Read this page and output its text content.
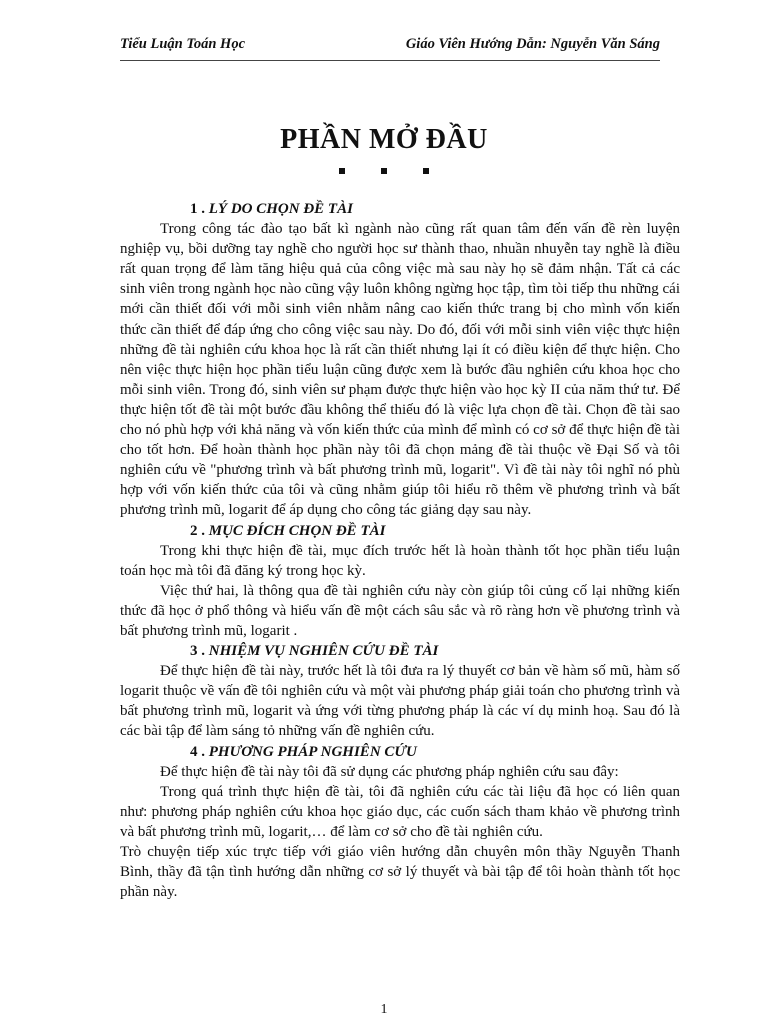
Tiểu Luận Toán Học	Giáo Viên Hướng Dẫn: Nguyễn Văn Sáng
PHẦN MỞ ĐẦU

1 . LÝ DO CHỌN ĐỀ TÀI

Trong công tác đào tạo bất kì ngành nào cũng rất quan tâm đến vấn đề rèn luyện nghiệp vụ, bồi dưỡng tay nghề cho người học sư thành thao, nhuần nhuyễn tay nghề là điều rất quan trọng để làm tăng hiệu quả của công việc mà sau này họ sẽ đảm nhận. Tất cả các sinh viên trong ngành học nào cũng vậy luôn không ngừng học tập, tìm tòi tiếp thu những cái mới cần thiết đối với mỗi sinh viên nhằm nâng cao kiến thức trang bị cho mình vốn kiến thức cần thiết để đáp ứng cho công việc sau này. Do đó, đối với mỗi sinh viên việc thực hiện những đề tài nghiên cứu khoa học là rất cần thiết nhưng lại ít có điều kiện để thực hiện. Cho nên việc thực hiện học phần tiểu luận cũng được xem là bước đầu nghiên cứu khoa học cho mỗi sinh viên. Trong đó, sinh viên sư phạm được thực hiện vào học kỳ II của năm thứ tư. Để thực hiện tốt đề tài một bước đầu không thể thiếu đó là việc lựa chọn đề tài. Chọn đề tài sao cho nó phù hợp với khả năng và vốn kiến thức của mình để mình có cơ sở để thực hiện đề tài cho tốt hơn. Để hoàn thành học phần này tôi đã chọn mảng đề tài thuộc về Đại Số và tôi nghiên cứu về "phương trình và bất phương trình mũ, logarit". Vì đề tài này tôi nghĩ nó phù hợp với vốn kiến thức của tôi và cũng nhằm giúp tôi hiểu rõ thêm về phương trình và bất phương trình mũ, logarit để áp dụng cho công tác giảng dạy sau này.

2 . MỤC ĐÍCH CHỌN ĐỀ TÀI

Trong khi thực hiện đề tài, mục đích trước hết là hoàn thành tốt học phần tiểu luận toán học mà tôi đã đăng ký trong học kỳ.

Việc thứ hai, là thông qua đề tài nghiên cứu này còn giúp tôi củng cố lại những kiến thức đã học ở phổ thông và hiểu vấn đề một cách sâu sắc và rõ ràng hơn về phương trình và bất phương trình mũ, logarit .

3 . NHIỆM VỤ NGHIÊN CỨU ĐỀ TÀI

Để thực hiện đề tài này, trước hết là tôi đưa ra lý thuyết cơ bản về hàm số mũ, hàm số logarit thuộc về vấn đề tôi nghiên cứu và một vài phương pháp giải toán cho phương trình và bất phương trình mũ, logarit và ứng với từng phương pháp là các ví dụ minh hoạ. Sau đó là các bài tập để làm sáng tỏ những vấn đề nghiên cứu.

4 . PHƯƠNG PHÁP NGHIÊN CỨU

Để thực hiện đề tài này tôi đã sử dụng các phương pháp nghiên cứu sau đây:

Trong quá trình thực hiện đề tài, tôi đã nghiên cứu các tài liệu đã học có liên quan như: phương pháp nghiên cứu khoa học giáo dục, các cuốn sách tham khảo về phương trình và bất phương trình mũ, logarit,… để làm cơ sở cho đề tài nghiên cứu.

Trò chuyện tiếp xúc trực tiếp với giáo viên hướng dẫn chuyên môn thầy Nguyễn Thanh Bình, thầy đã tận tình hướng dẫn những cơ sở lý thuyết và bài tập để tôi hoàn thành tốt học phần này.

1
